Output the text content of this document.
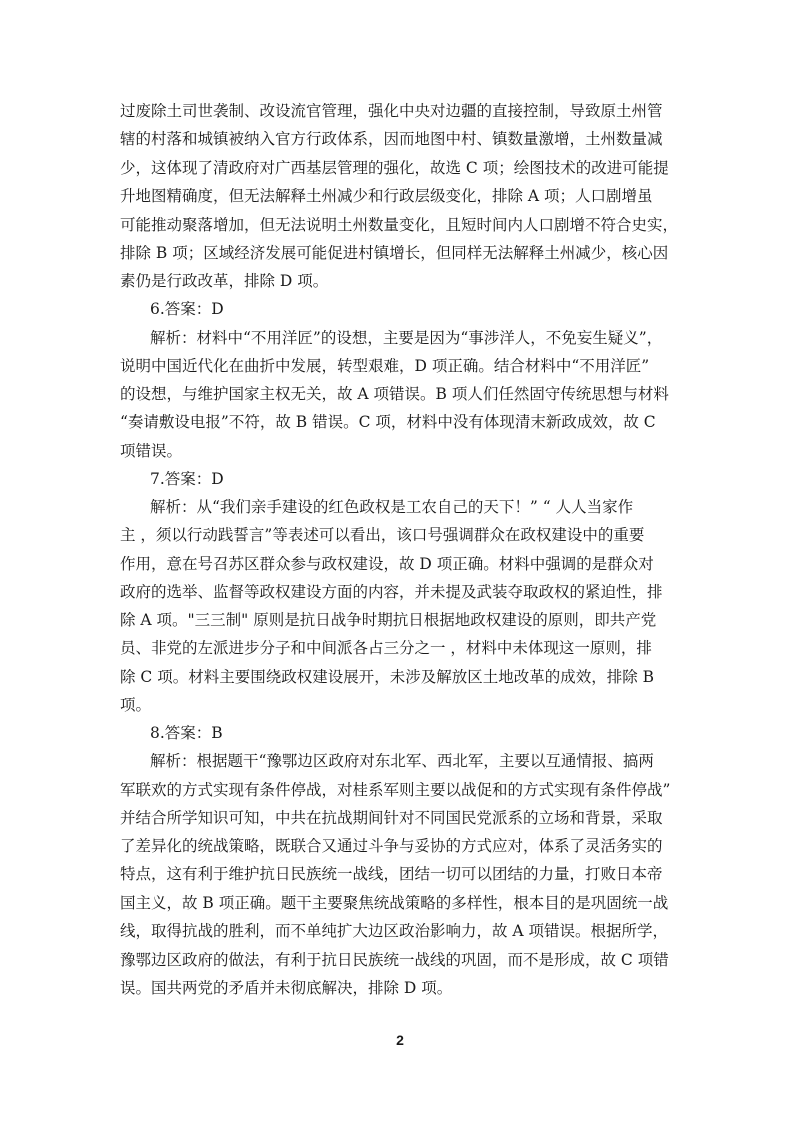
过废除土司世袭制、改设流官管理，强化中央对边疆的直接控制，导致原土州管
辖的村落和城镇被纳入官方行政体系，因而地图中村、镇数量激增，土州数量减
少，这体现了清政府对广西基层管理的强化，故选 C 项；绘图技术的改进可能提
升地图精确度，但无法解释土州减少和行政层级变化，排除 A 项；人口剧增虽
可能推动聚落增加，但无法说明土州数量变化，且短时间内人口剧增不符合史实，
排除 B 项；区域经济发展可能促进村镇增长，但同样无法解释土州减少，核心因
素仍是行政改革，排除 D 项。
6.答案：D
解析：材料中“不用洋匠”的设想，主要是因为“事涉洋人，不免妄生疑义”，
说明中国近代化在曲折中发展，转型艰难，D 项正确。结合材料中“不用洋匠”
的设想，与维护国家主权无关，故 A 项错误。B 项人们任然固守传统思想与材料
“奏请敷设电报”不符，故 B 错误。C 项，材料中没有体现清末新政成效，故 C
项错误。
7.答案：D
解析：从“我们亲手建设的红色政权是工农自己的天下！” “ 人人当家作
主 ，须以行动践誓言”等表述可以看出，该口号强调群众在政权建设中的重要
作用，意在号召苏区群众参与政权建设，故 D 项正确。材料中强调的是群众对
政府的选举、监督等政权建设方面的内容，并未提及武装夺取政权的紧迫性，排
除 A 项。"三三制" 原则是抗日战争时期抗日根据地政权建设的原则，即共产党
员、非党的左派进步分子和中间派各占三分之一 ，材料中未体现这一原则，排
除 C 项。材料主要围绕政权建设展开，未涉及解放区土地改革的成效，排除 B
项。
8.答案：B
解析：根据题干“豫鄂边区政府对东北军、西北军，主要以互通情报、搞两
军联欢的方式实现有条件停战，对桂系军则主要以战促和的方式实现有条件停战”
并结合所学知识可知，中共在抗战期间针对不同国民党派系的立场和背景，采取
了差异化的统战策略，既联合又通过斗争与妥协的方式应对，体系了灵活务实的
特点，这有利于维护抗日民族统一战线，团结一切可以团结的力量，打败日本帝
国主义，故 B 项正确。题干主要聚焦统战策略的多样性，根本目的是巩固统一战
线，取得抗战的胜利，而不单纯扩大边区政治影响力，故 A 项错误。根据所学，
豫鄂边区政府的做法，有利于抗日民族统一战线的巩固，而不是形成，故 C 项错
误。国共两党的矛盾并未彻底解决，排除 D 项。
2
